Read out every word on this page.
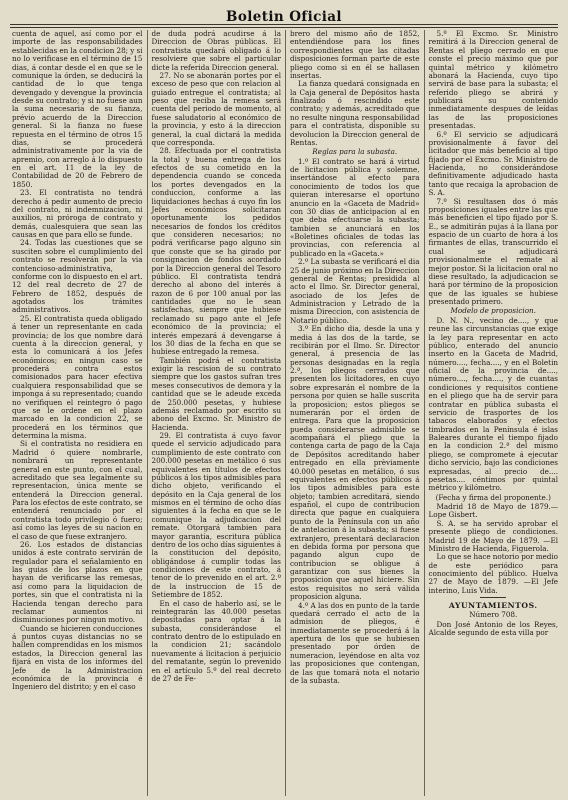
Boletin Oficial

cuenta de aquel, así como por el importe de las responsabilidades establecidas en la condicion 28; y si no lo verificase en el término de 15 dias, á contar desde el en que se le comunique la órden, se deducirá la cantidad de lo que tenga devengado y devengue la provincia desde su contrato; y si no fuese aun la suma necesaria de su fianza, prévio acuerdo de la Direccion general. Si la fianza no fuese repuesta en el término de otros 15 dias, se procederá administrativamente por la via de apremio, con arreglo á lo dispuesto en el art. 11 de la ley de Contabilidad de 20 de Febrero de 1850.

23. El contratista no tendrá derecho á pedir aumento de precio del contrato, ni indemnizacion, ni auxilios, ni próroga de contrato y demás, cualesquiera que sean las causas en que para ello se funde.

24. Todas las cuestiones que se susciten sobre el cumplimiento del contrato se resolverán por la via contencioso-administrativa, conforme con lo dispuesto en el art. 12 del real decreto de 27 de Febrero de 1852, después de agotados los trámites administrativos.

25. El contratista queda obligado á tener un representante en cada provincia; de los que nombre dará cuenta á la direccion general, y esta lo comunicará á los Jefes económicos; en ningun caso se procederá contra estos comisionados para hacer efectiva cualquiera responsabilidad que se imponga á su representado; cuando no verifiquen el reintegro ó pago que se le ordene en el plazo marcado en la condicion 22, se procederá en los términos que determina la misma.

Si el contratista no residiera en Madrid ó quiere nombrarle, nombrará un representante general en este punto, con el cual, acreditado que sea legalmente su representacion, única mente se entenderá la Direccion general. Para los efectos de este contrato, se entenderá renunciado por el contratista todo privilegio ó fuero; así como las leyes de su nacion en el caso de que fuese extranjero.

26. Los estados de distancias unidos á este contrato servirán de regulador para el señalamiento en las guias de los plazos en que hayan de verificarse las remesas, así como para la liquidacion de portes, sin que el contratista ni la Hacienda tengan derecho para reclamar aumentos ni disminuciones por ningun motivo.

Cuando se hicieren conducciones á puntos cuyas distancias no se hallen comprendidas en los mismos estados, la Direccion general las fijará en vista de los informes del Jefe de la Administracion económica de la provincia é Ingeniero del distrito; y en el caso

de duda podrá acudirse á la Direccion de Obras públicas. El contratista quedará obligado á lo resolviere que sobre el particular dicte la referida Direccion general.

27. No se abonarán portes por el exceso de peso que con relacion al guiado entregue el contratista; al peso que reciba la remesa será cuenta del periodo de momento, al fuese saludatorio al económico de la provincia, y esto á la direccion general, la cual dictará la medida que corresponda.

28. Efectuada por el contratista la total y buena entrega de los efectos de su cometido en la dependencia cuando se conceda los portes devengados en la conduccion, conforme a las liquidaciones hechas á cuyo fin los Jefes económicos solicitaran oportunamente los pedidos necesarios de fondos los créditos que consideren necesarios; no podrá verificarse pago alguno sin que conste que se ha girado por consignacion de fondos acordado por la Direccion general del Tesoro público. El contratista tendrá derecho al abono del interés á razon de 6 por 100 anual por las cantidades que no le sean satisfechas, siempre que hubiese reclamado su pago ante el Jefe económico de la provincia; el interés empezará á devengarse á los 30 dias de la fecha en que se hubiese entregado la remesa.

También podrá el contratista exigir la rescision de su contrato siempre que los gastos sufran tres meses consecutivos de demora y la cantidad que se le adeude exceda de 250.000 pesetas, y hubiese además reclamado por escrito su abono del Excmo. Sr. Ministro de Hacienda.

29. El contratista á cuyo favor quede el servicio adjudicado para cumplimiento de este contrato con 200.000 pesetas en metálico ó sus equivalentes en títulos de efectos públicos á los tipos admisibles para dicho objeto, verificando el depósito en la Caja general de los mismos en el término de ocho días siguientes á la fecha en que se le comunique la adjudicacion del remate. Otorgará tambien para mayor garantía, escritura pública dentro de los ocho días siguientes á la constitucion del depósito, obligándose á cumplir todas las condiciones de este contrato, á tenor de lo prevenido en el art. 2.º de la instruccion de 15 de Setiembre de 1852.

En el caso de haberlo así, se le reintegrarán las 40.000 pesetas depositadas para optar á la subasta, considerándose el contrato dentro de lo estipulado en la condicion 21; sacándolo nuevamente á licitacion á perjuicio del rematante, según lo prevenido en el artículo 5.º del real decreto de 27 de Fe-

brero del mismo año de 1852, entendiéndose para los fines correspondientes que las citadas disposiciones forman parte de este pliego como si en él se hallasen insertas.

La fianza quedará consignada en la Caja general de Depósitos hasta finalizado ó rescindido este contrato; y además, acreditado que no resulte ninguna responsabilidad para el contratista, disponible su devolucion la Direccion general de Rentas.

Reglas para la subasta.

1.º El contrato se hará á virtud de licitacion pública y solemne, insertándose al efecto para conocimiento de todos los que quieran interesarse el oportuno anuncio en la «Gaceta de Madrid» con 30 dias de anticipacion al en que deba efectuarse la subasta; tambien se anunciará en los «Boletines oficiales de todas las provincias, con referencia al publicado en la «Gaceta.»

2.º La subasta se verificará el dia 25 de junio próximo en la Direccion general de Rentas; presidida al acto el Ilmo. Sr. Director general, asociado de los Jefes de Administracion y Letrado de la misma Direccion, con asistencia de Notario público.

3.º En dicho dia, desde la una y media á las dos de la tarde, se recibirán por el Ilmo. Sr. Director general, á presencia de las personas designadas en la regla 2.ª, los pliegos cerrados que presenten los licitadores, en cuyo sobre expresarán el nombre de la persona por quien se halle suscrita la proposicion; estos pliegos se numerarán por el órden de entrega. Para que la proposicion pueda considerarse admisible se acompañará el pliego que la contenga carta de pago de la Caja de Depósitos acreditando haber entregado en ella prèviamente 40.000 pesetas en metálico, ó sus equivalentes en efectos públicos á los tipos admisibles para este objeto; tambien acreditará, siendo español, el cupo de contribucion directa que pague en cualquiera punto de la Península con un año de antelacion á la subasta; si fuese extranjero, presentará declaracion en debida forma por persona que pagando algun cupo de contribucion se obligue á garantizar con sus bienes la proposicion que aquel hiciere. Sin estos requisitos no será válida proposicion alguna.

4.º A las dos en punto de la tarde quedará cerrado el acto de la admision de pliegos, é inmediatamente se procederá á la apertura de los que se hubiesen presentado por órden de numeracion, leyéndose en alta voz las proposiciones que contengan, de las que tomará nota el notario de la subasta.

5.º El Excmo. Sr. Ministro remitirá á la Direccion general de Rentas el pliego cerrado en que conste el precio máximo que por quintal métrico y kilómetro abonará la Hacienda, cuyo tipo servirá de base para la subasta; el referido pliego se abrirá y publicará su contenido inmediatamente despues de leídas las de las proposiciones presentadas.

6.º El servicio se adjudicará provisionalmente á favor del licitador que más beneficio al tipo fijado por el Excmo. Sr. Ministro de Hacienda, no considerándose definitivamente adjudicado hasta tanto que recaiga la aprobacion de S. A.

7.º Si resultasen dos ó más proposiciones iguales entre las que más beneficien el tipo fijado por S. E., se admitirán pujas á la llana por espacio de un cuarto de hora á los firmantes de ellas, transcurrido el cual se adjudicará provisionalmente el remate al mejor postor. Si la licitacion oral no diese resultado, la adjudicacion se hará por término de la proposicion que de las iguales se hubiese presentado primero.

Modelo de proposicion.

D. N. N., vecino de...., y que reune las circunstancias que exige la ley para representar en acto público, enterado del anuncio inserto en la Gaceta de Madrid, número...., fecha...., y en el Boletin oficial de la provincia de...., número...., fecha...., y de cuantas condiciones y requisitos contiene en el pliego que ha de servir para contratar en pública subasta el servicio de trasportes de los tabacos elaborados y efectos timbrados en la Península é islas Baleares durante el tiempo fijado en la condicion 2.ª del mismo pliego, se compromete á ejecutar dicho servicio, bajo las condiciones expresadas, al precio de.... pesetas.... céntimos por quintal métrico y kilómetro.

(Fecha y firma del proponente.)

Madrid 18 de Mayo de 1879.—Lope Gisbert.

S. A. se ha servido aprobar el presente pliego de condiciones. Madrid 19 de Mayo de 1879. —El Ministro de Hacienda, Figuerola.

Lo que se hace notorio por medio de este periódico para conocimiento del público. Huelva 27 de Mayo de 1879. —El Jefe interino, Luis Vida.

AYUNTAMIENTOS.

Número 708.

Don José Antonio de los Reyes, Alcalde segundo de esta villa por
